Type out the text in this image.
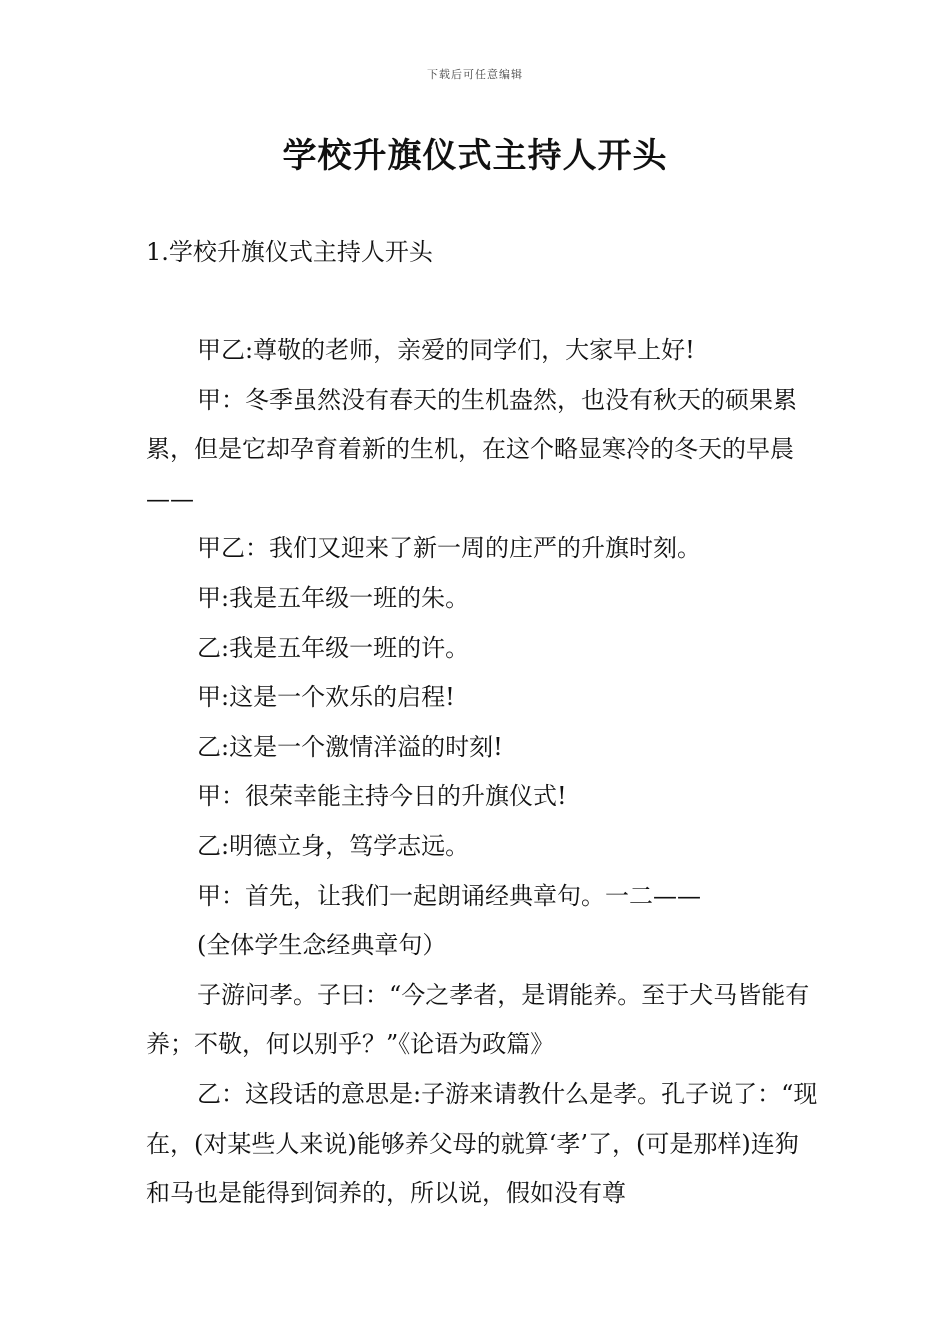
下载后可任意编辑
学校升旗仪式主持人开头
1.学校升旗仪式主持人开头

甲乙:尊敬的老师，亲爱的同学们，大家早上好!

甲：冬季虽然没有春天的生机盎然，也没有秋天的硕果累累，但是它却孕育着新的生机，在这个略显寒冷的冬天的早晨——

甲乙：我们又迎来了新一周的庄严的升旗时刻。

甲:我是五年级一班的朱。

乙:我是五年级一班的许。

甲:这是一个欢乐的启程!

乙:这是一个激情洋溢的时刻!

甲：很荣幸能主持今日的升旗仪式!

乙:明德立身，笃学志远。

甲：首先，让我们一起朗诵经典章句。一二——

(全体学生念经典章句）

子游问孝。子曰：“今之孝者，是谓能养。至于犬马皆能有养；不敬，何以别乎？”《论语为政篇》

乙：这段话的意思是:子游来请教什么是孝。孔子说了：“现在，(对某些人来说)能够养父母的就算‘孝’了，(可是那样)连狗和马也是能得到饲养的，所以说，假如没有尊
